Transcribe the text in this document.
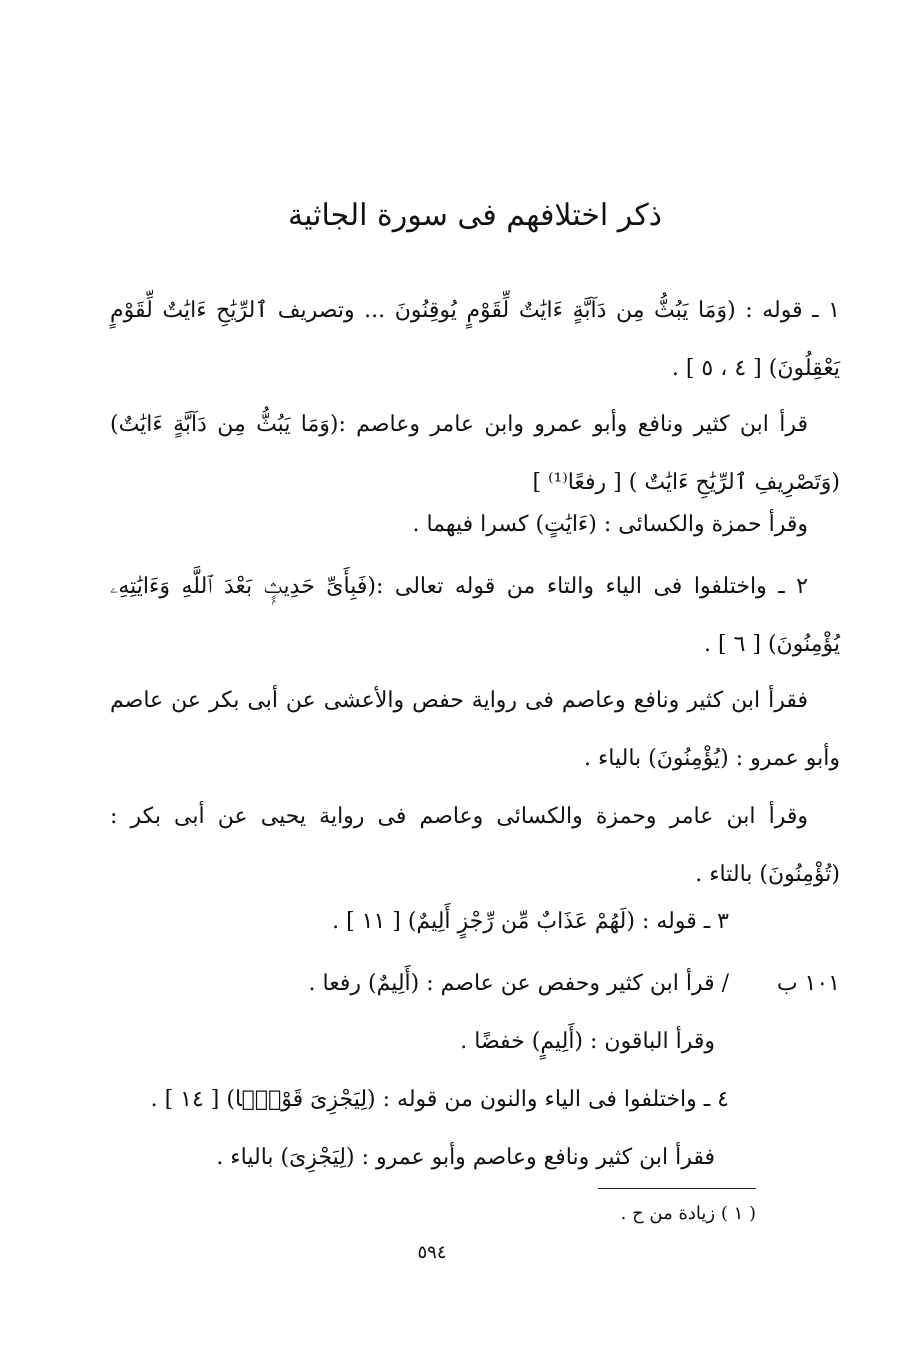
ذكر اختلافهم فى سورة الجاثية
١ ـ قوله : (وَمَا يَبُثُّ مِن دَآبَّةٍ ءَايَٰتٌ لِّقَوْمٍ يُوقِنُونَ ... وتصريف ٱلرِّيَٰحِ ءَايَٰتٌ لِّقَوْمٍ يَعْقِلُونَ) [ ٤ ، ٥ ] .
قرأ ابن كثير ونافع وأبو عمرو وابن عامر وعاصم :(وَمَا يَبُثُّ مِن دَآبَّةٍ ءَايَٰتٌ) (وَتَصْرِيفِ ٱلرِّيَٰحِ ءَايَٰتٌ ) [ رفعًا⁽¹⁾ ]
وقرأ حمزة والكسائى : (ءَايَٰتٍ) كسرا فيهما .
٢ ـ واختلفوا فى الياء والتاء من قوله تعالى :(فَبِأَىِّ حَدِيثٍۭ بَعْدَ ٱللَّهِ وَءَايَٰتِهِۦ يُؤْمِنُونَ) [ ٦ ] .
فقرأ ابن كثير ونافع وعاصم فى رواية حفص والأعشى عن أبى بكر عن عاصم وأبو عمرو : (يُؤْمِنُونَ) بالياء .
وقرأ ابن عامر وحمزة والكسائى وعاصم فى رواية يحيى عن أبى بكر : (تُؤْمِنُونَ) بالتاء .
٣ ـ قوله : (لَهُمْ عَذَابٌ مِّن رِّجْزٍ أَلِيمٌ) [ ١١ ] .
١٠١ ب
/ قرأ ابن كثير وحفص عن عاصم : (أَلِيمٌ) رفعا .
وقرأ الباقون : (أَلِيمٍ) خفضًا .
٤ ـ واختلفوا فى الياء والنون من قوله : (لِيَجْزِىَ قَوْمًۢا) [ ١٤ ] .
فقرأ ابن كثير ونافع وعاصم وأبو عمرو : (لِيَجْزِىَ) بالياء .
( ١ ) زيادة من ح .
٥٩٤
